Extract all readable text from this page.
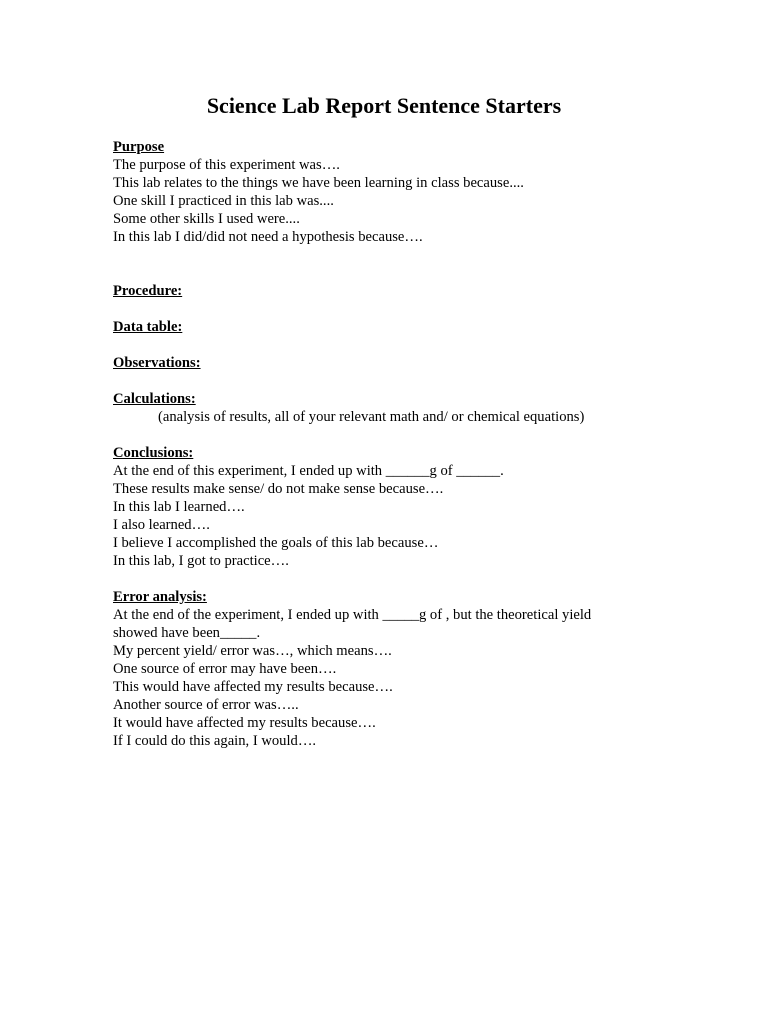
Science Lab Report Sentence Starters

Purpose

The purpose of this experiment was….

This lab relates to the things we have been learning in class because....

One skill I practiced in this lab was....

Some other skills I used were....

In this lab I did/did not need a hypothesis because….

Procedure:

Data table:

Observations:

Calculations:

(analysis of results, all of your relevant math and/ or chemical equations)

Conclusions:

At the end of this experiment, I ended up with ______g of ______.

These results make sense/ do not make sense because….

In this lab I learned….

I also learned….

I believe I accomplished the goals of this lab because…

In this lab, I got to practice….

Error analysis:

At the end of the experiment, I ended up with _____g of , but the theoretical yield

showed have been_____.

My percent yield/ error was…, which means….

One source of error may have been….

This would have affected my results because….

Another source of error was…..

It would have affected my results because….

If I could do this again, I would….
